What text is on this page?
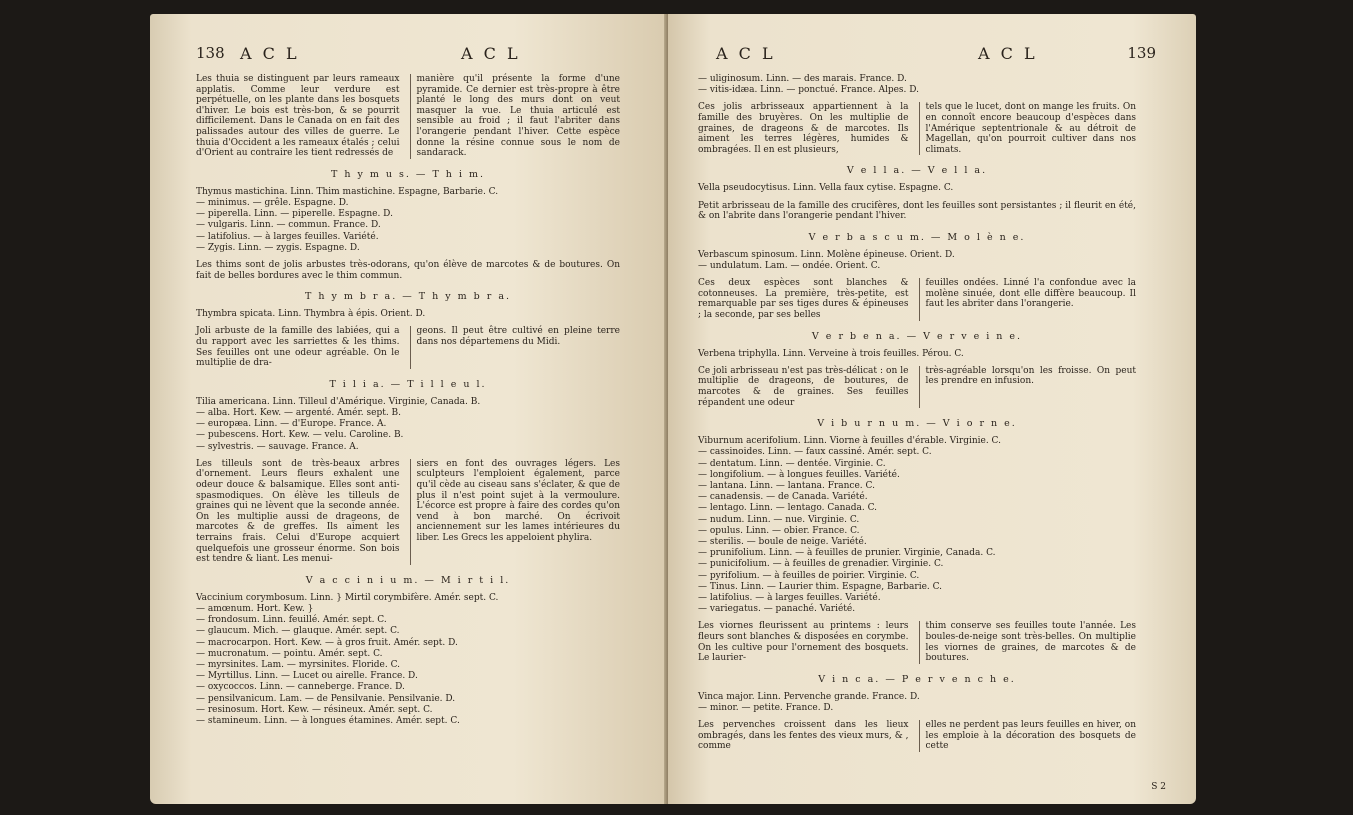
138 A C L	A C L
Les thuia se distinguent par leurs rameaux applatis. Comme leur verdure est perpétuelle, on les plante dans les bosquets d'hiver. Le bois est très-bon, & se pourrit difficilement. Dans le Canada on en fait des palissades autour des villes de guerre. Le thuia d'Occident a les rameaux étalés ; celui d'Orient au contraire les tient redressés de
manière qu'il présente la forme d'une pyramide. Ce dernier est très-propre à être planté le long des murs dont on veut masquer la vue. Le thuia articulé est sensible au froid ; il faut l'abriter dans l'orangerie pendant l'hiver. Cette espèce donne la résine connue sous le nom de sandarack.
T h y m u s. — T h i m.
Thymus mastichina. Linn. Thim mastichine. Espagne, Barbarie. C.
— minimus. — grêle. Espagne. D.
— piperella. Linn. — piperelle. Espagne. D.
— vulgaris. Linn. — commun. France. D.
— latifolius. — à larges feuilles. Variété.
— Zygis. Linn. — zygis. Espagne. D.
Les thims sont de jolis arbustes très-odorans, qu'on élève de marcotes & de boutures. On fait de belles bordures avec le thim commun.
T h y m b r a. — T h y m b r a.
Thymbra spicata. Linn. Thymbra à épis. Orient. D.
Joli arbuste de la famille des labiées, qui a du rapport avec les sarriettes & les thims. Ses feuilles ont une odeur agréable. On le multiplie de dra-
geons. Il peut être cultivé en pleine terre dans nos départemens du Midi.
T i l i a. — T i l l e u l.
Tilia americana. Linn. Tilleul d'Amérique. Virginie, Canada. B.
— alba. Hort. Kew. — argenté. Amér. sept. B.
— europæa. Linn. — d'Europe. France. A.
— pubescens. Hort. Kew. — velu. Caroline. B.
— sylvestris. — sauvage. France. A.
Les tilleuls sont de très-beaux arbres d'ornement. Leurs fleurs exhalent une odeur douce & balsamique. Elles sont anti-spasmodiques. On élève les tilleuls de graines qui ne lèvent que la seconde année. On les multiplie aussi de drageons, de marcotes & de greffes. Ils aiment les terrains frais. Celui d'Europe acquiert quelquefois une grosseur énorme. Son bois est tendre & liant. Les menui-
siers en font des ouvrages légers. Les sculpteurs l'emploient également, parce qu'il cède au ciseau sans s'éclater, & que de plus il n'est point sujet à la vermoulure. L'écorce est propre à faire des cordes qu'on vend à bon marché. On écrivoit anciennement sur les lames intérieures du liber. Les Grecs les appeloient phylira.
V a c c i n i u m. — M i r t i l.
Vaccinium corymbosum. Linn. } Mirtil corymbifère. Amér. sept. C.
— amœnum. Hort. Kew. }
— frondosum. Linn. feuillé. Amér. sept. C.
— glaucum. Mich. — glauque. Amér. sept. C.
— macrocarpon. Hort. Kew. — à gros fruit. Amér. sept. D.
— mucronatum. — pointu. Amér. sept. C.
— myrsinites. Lam. — myrsinites. Floride. C.
— Myrtillus. Linn. — Lucet ou airelle. France. D.
— oxycoccos. Linn. — canneberge. France. D.
— pensilvanicum. Lam. — de Pensilvanie. Pensilvanie. D.
— resinosum. Hort. Kew. — résineux. Amér. sept. C.
— stamineum. Linn. — à longues étamines. Amér. sept. C.
A C L	A C L	139
— uliginosum. Linn. — des marais. France. D.
— vitis-idæa. Linn. — ponctué. France. Alpes. D.
Ces jolis arbrisseaux appartiennent à la famille des bruyères. On les multiplie de graines, de drageons & de marcotes. Ils aiment les terres légères, humides & ombragées. Il en est plusieurs,
tels que le lucet, dont on mange les fruits. On en connoît encore beaucoup d'espèces dans l'Amérique septentrionale & au détroit de Magellan, qu'on pourroit cultiver dans nos climats.
V e l l a. — V e l l a.
Vella pseudocytisus. Linn. Vella faux cytise. Espagne. C.
Petit arbrisseau de la famille des crucifères, dont les feuilles sont persistantes ; il fleurit en été, & on l'abrite dans l'orangerie pendant l'hiver.
V e r b a s c u m. — M o l è n e.
Verbascum spinosum. Linn. Molène épineuse. Orient. D.
— undulatum. Lam. — ondée. Orient. C.
Ces deux espèces sont blanches & cotonneuses. La première, très-petite, est remarquable par ses tiges dures & épineuses ; la seconde, par ses belles
feuilles ondées. Linné l'a confondue avec la molène sinuée, dont elle diffère beaucoup. Il faut les abriter dans l'orangerie.
V e r b e n a. — V e r v e i n e.
Verbena triphylla. Linn. Verveine à trois feuilles. Pérou. C.
Ce joli arbrisseau n'est pas très-délicat : on le multiplie de drageons, de boutures, de marcotes & de graines. Ses feuilles répandent une odeur
très-agréable lorsqu'on les froisse. On peut les prendre en infusion.
V i b u r n u m. — V i o r n e.
Viburnum acerifolium. Linn. Viorne à feuilles d'érable. Virginie. C.
— cassinoides. Linn. — faux cassiné. Amér. sept. C.
— dentatum. Linn. — dentée. Virginie. C.
— longifolium. — à longues feuilles. Variété.
— lantana. Linn. — lantana. France. C.
— canadensis. — de Canada. Variété.
— lentago. Linn. — lentago. Canada. C.
— nudum. Linn. — nue. Virginie. C.
— opulus. Linn. — obier. France. C.
— sterilis. — boule de neige. Variété.
— prunifolium. Linn. — à feuilles de prunier. Virginie, Canada. C.
— punicifolium. — à feuilles de grenadier. Virginie. C.
— pyrifolium. — à feuilles de poirier. Virginie. C.
— Tinus. Linn. — Laurier thim. Espagne, Barbarie. C.
— latifolius. — à larges feuilles. Variété.
— variegatus. — panaché. Variété.
Les viornes fleurissent au printems : leurs fleurs sont blanches & disposées en corymbe. On les cultive pour l'ornement des bosquets. Le laurier-
thim conserve ses feuilles toute l'année. Les boules-de-neige sont très-belles. On multiplie les viornes de graines, de marcotes & de boutures.
V i n c a. — P e r v e n c h e.
Vinca major. Linn. Pervenche grande. France. D.
— minor. — petite. France. D.
Les pervenches croissent dans les lieux ombragés, dans les fentes des vieux murs, & , comme
elles ne perdent pas leurs feuilles en hiver, on les emploie à la décoration des bosquets de cette
S 2
